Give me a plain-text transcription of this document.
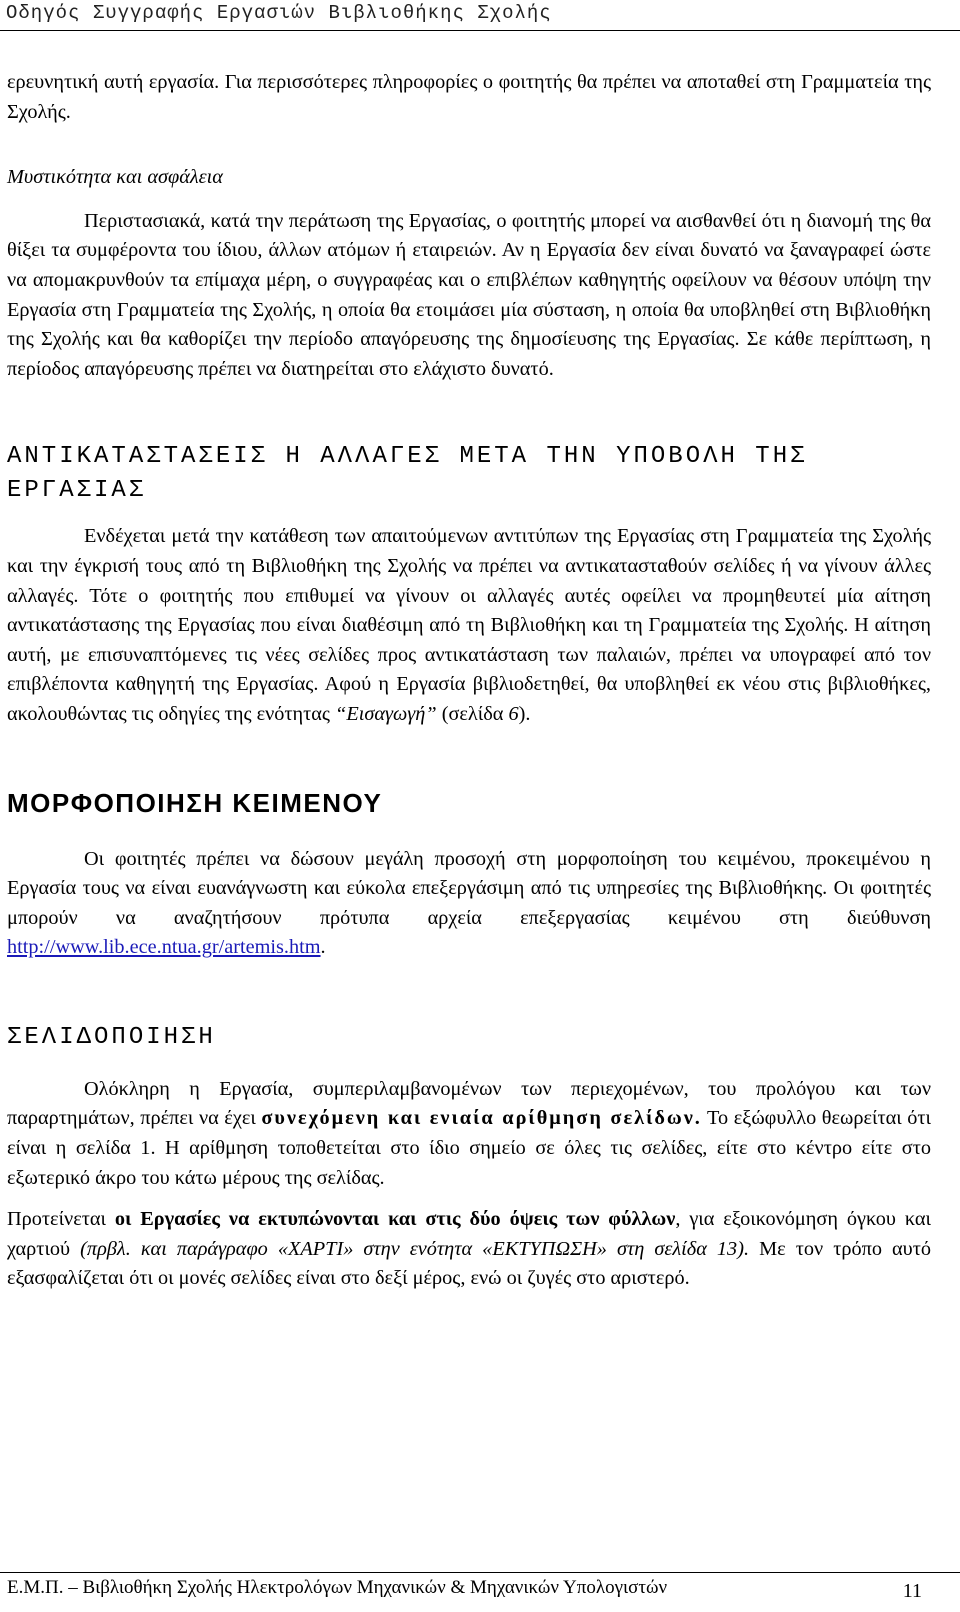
Οδηγός Συγγραφής Εργασιών Βιβλιοθήκης Σχολής

ερευνητική αυτή εργασία. Για περισσότερες πληροφορίες ο φοιτητής θα πρέπει να αποταθεί στη Γραμματεία της Σχολής.

Μυστικότητα και ασφάλεια

Περιστασιακά, κατά την περάτωση της Εργασίας, ο φοιτητής μπορεί να αισθανθεί ότι η διανομή της θα θίξει τα συμφέροντα του ίδιου, άλλων ατόμων ή εταιρειών. Αν η Εργασία δεν είναι δυνατό να ξαναγραφεί ώστε να απομακρυνθούν τα επίμαχα μέρη, ο συγγραφέας και ο επιβλέπων καθηγητής οφείλουν να θέσουν υπόψη την Εργασία στη Γραμματεία της Σχολής, η οποία θα ετοιμάσει μία σύσταση, η οποία θα υποβληθεί στη Βιβλιοθήκη της Σχολής και θα καθορίζει την περίοδο απαγόρευσης της δημοσίευσης της Εργασίας. Σε κάθε περίπτωση, η περίοδος απαγόρευσης πρέπει να διατηρείται στο ελάχιστο δυνατό.

ΑΝΤΙΚΑΤΑΣΤΑΣΕΙΣ Η ΑΛΛΑΓΕΣ ΜΕΤΑ ΤΗΝ ΥΠΟΒΟΛΗ ΤΗΣ ΕΡΓΑΣΙΑΣ

Ενδέχεται μετά την κατάθεση των απαιτούμενων αντιτύπων της Εργασίας στη Γραμματεία της Σχολής και την έγκρισή τους από τη Βιβλιοθήκη της Σχολής να πρέπει να αντικατασταθούν σελίδες ή να γίνουν άλλες αλλαγές. Τότε ο φοιτητής που επιθυμεί να γίνουν οι αλλαγές αυτές οφείλει να προμηθευτεί μία αίτηση αντικατάστασης της Εργασίας που είναι διαθέσιμη από τη Βιβλιοθήκη και τη Γραμματεία της Σχολής. Η αίτηση αυτή, με επισυναπτόμενες τις νέες σελίδες προς αντικατάσταση των παλαιών, πρέπει να υπογραφεί από τον επιβλέποντα καθηγητή της Εργασίας. Αφού η Εργασία βιβλιοδετηθεί, θα υποβληθεί εκ νέου στις βιβλιοθήκες, ακολουθώντας τις οδηγίες της ενότητας “Εισαγωγή” (σελίδα 6).

ΜΟΡΦΟΠΟΙΗΣΗ ΚΕΙΜΕΝΟΥ

Οι φοιτητές πρέπει να δώσουν μεγάλη προσοχή στη μορφοποίηση του κειμένου, προκειμένου η Εργασία τους να είναι ευανάγνωστη και εύκολα επεξεργάσιμη από τις υπηρεσίες της Βιβλιοθήκης. Οι φοιτητές μπορούν να αναζητήσουν πρότυπα αρχεία επεξεργασίας κειμένου στη διεύθυνση http://www.lib.ece.ntua.gr/artemis.htm.

ΣΕΛΙΔΟΠΟΙΗΣΗ

Ολόκληρη η Εργασία, συμπεριλαμβανομένων των περιεχομένων, του προλόγου και των παραρτημάτων, πρέπει να έχει συνεχόμενη και ενιαία αρίθμηση σελίδων. Το εξώφυλλο θεωρείται ότι είναι η σελίδα 1. Η αρίθμηση τοποθετείται στο ίδιο σημείο σε όλες τις σελίδες, είτε στο κέντρο είτε στο εξωτερικό άκρο του κάτω μέρους της σελίδας.

Προτείνεται οι Εργασίες να εκτυπώνονται και στις δύο όψεις των φύλλων, για εξοικονόμηση όγκου και χαρτιού (πρβλ. και παράγραφο «ΧΑΡΤΙ» στην ενότητα «ΕΚΤΥΠΩΣΗ» στη σελίδα 13). Με τον τρόπο αυτό εξασφαλίζεται ότι οι μονές σελίδες είναι στο δεξί μέρος, ενώ οι ζυγές στο αριστερό.

Ε.Μ.Π. – Βιβλιοθήκη Σχολής Ηλεκτρολόγων Μηχανικών & Μηχανικών Υπολογιστών	11
